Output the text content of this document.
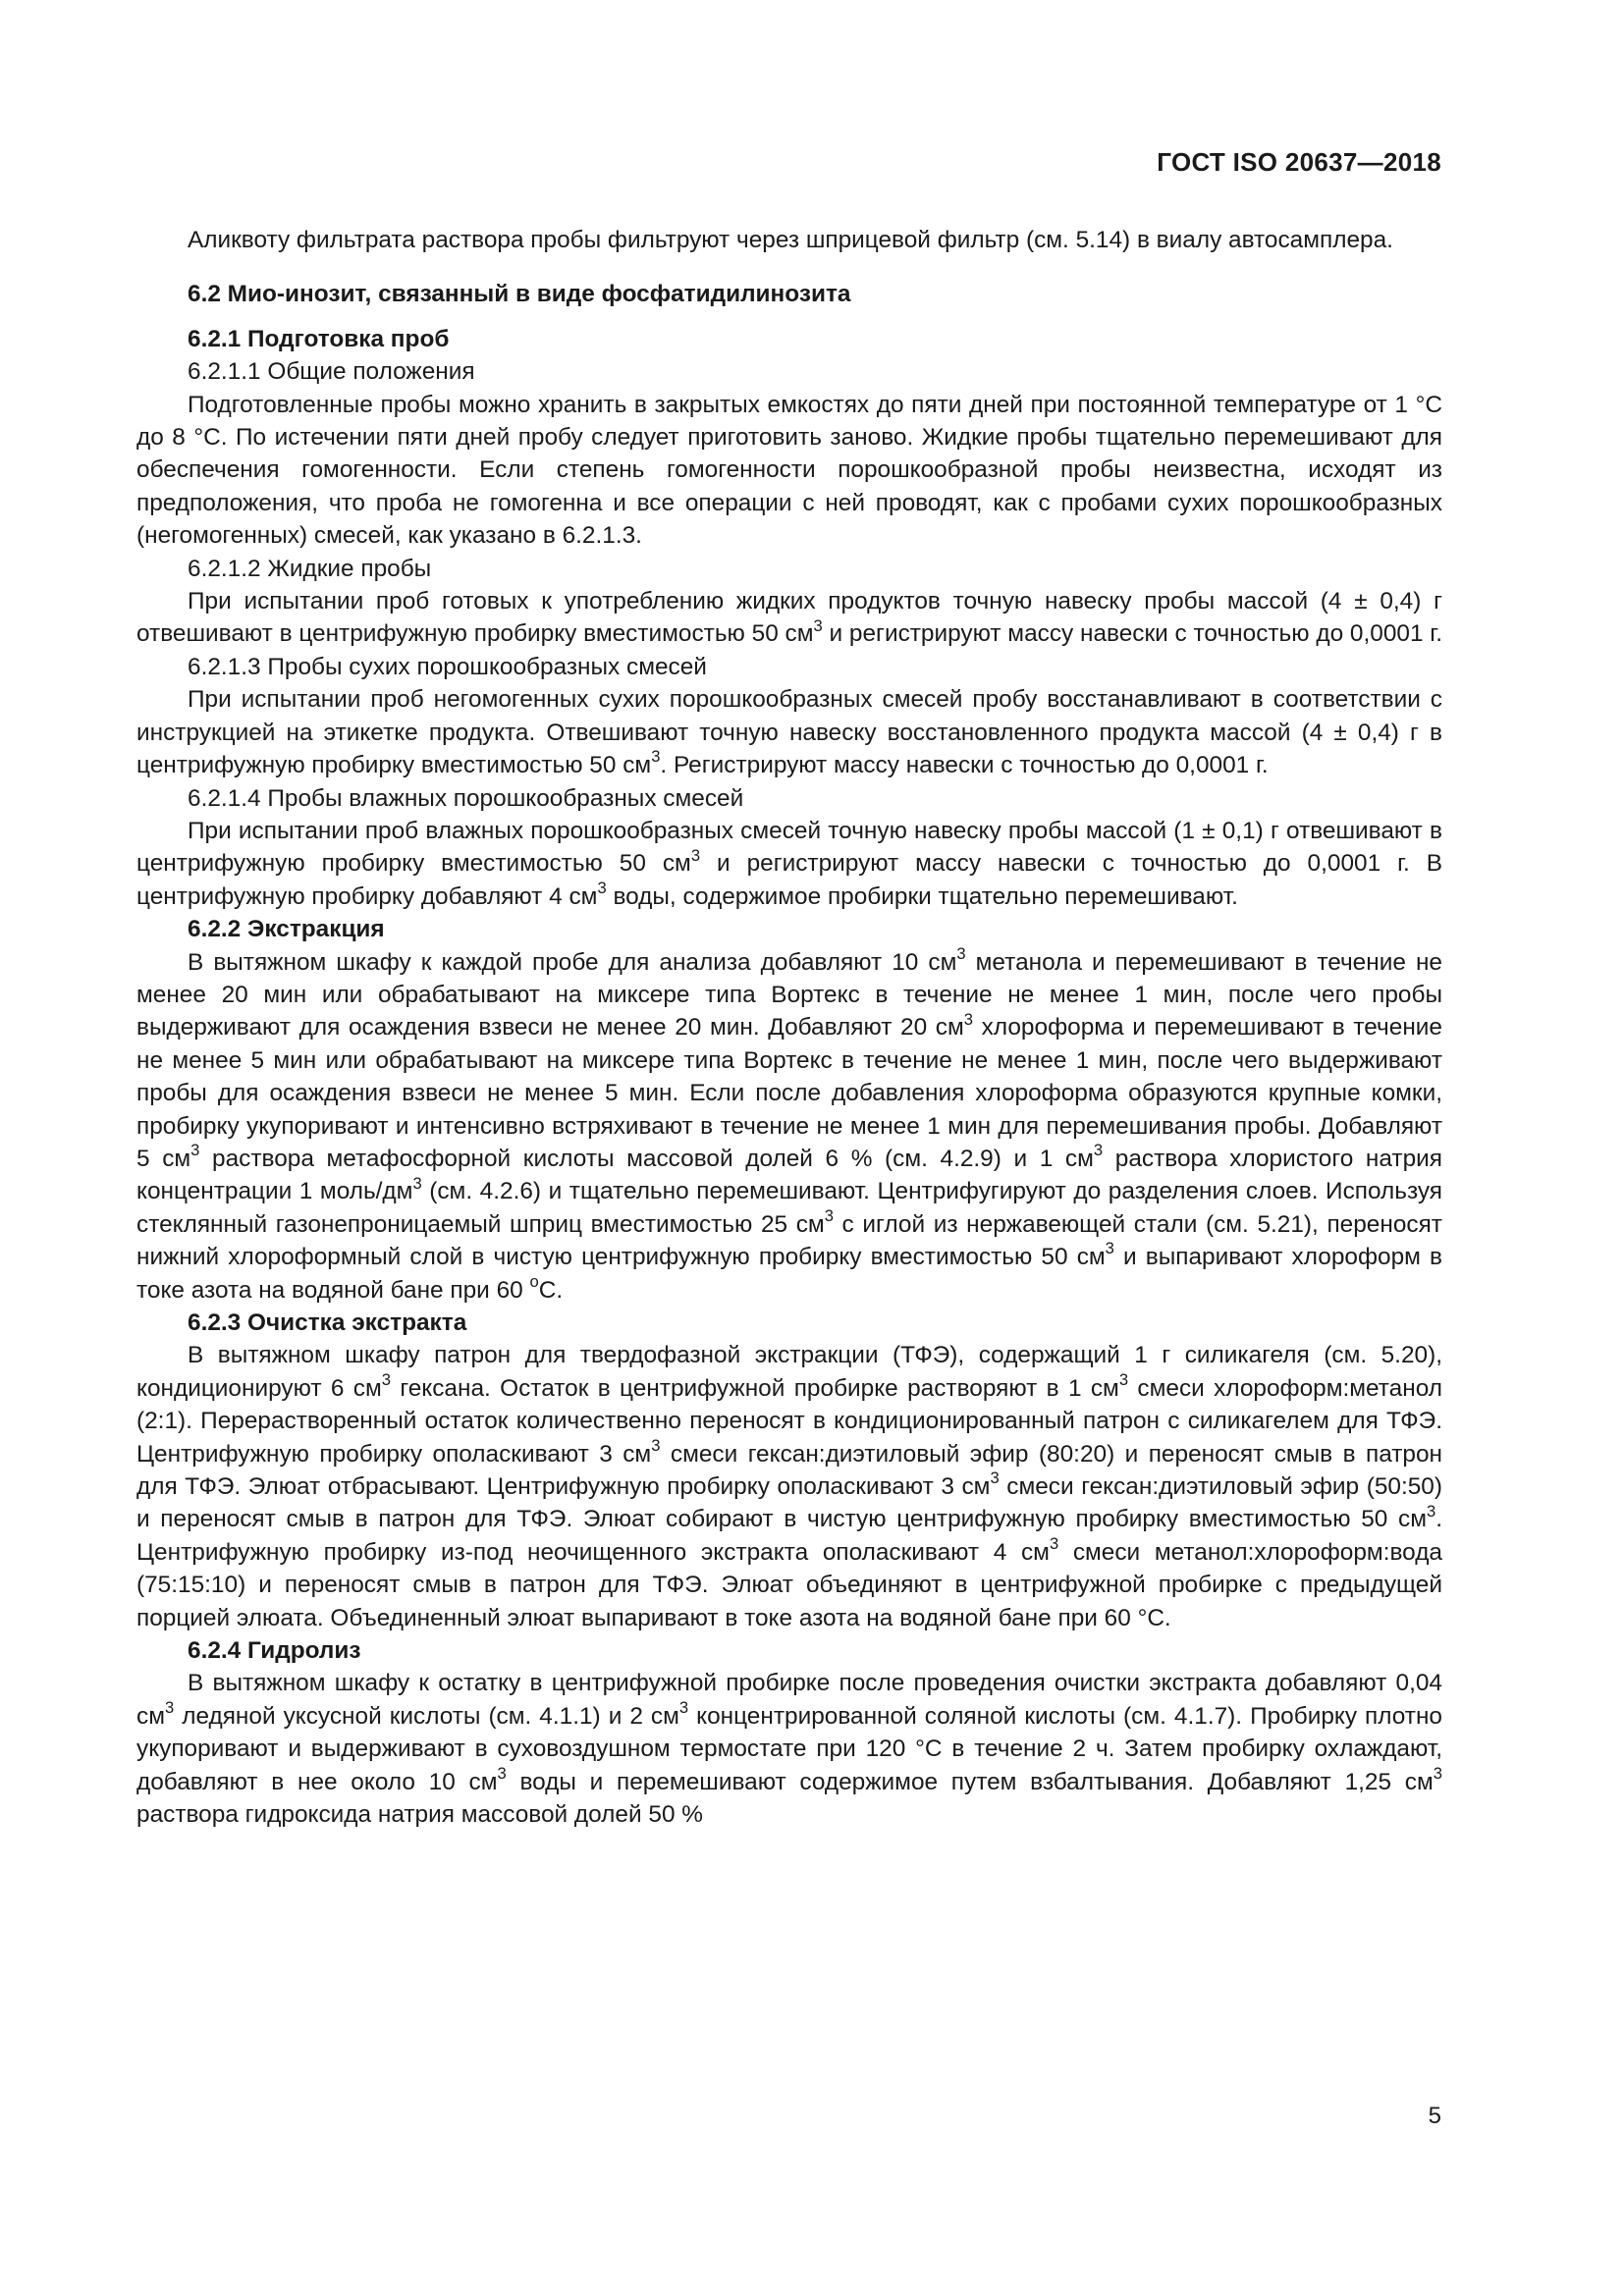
ГОСТ ISO 20637—2018

Аликвоту фильтрата раствора пробы фильтруют через шприцевой фильтр (см. 5.14) в виалу автосамплера.

6.2 Мио-инозит, связанный в виде фосфатидилинозита
6.2.1 Подготовка проб

6.2.1.1 Общие положения

Подготовленные пробы можно хранить в закрытых емкостях до пяти дней при постоянной температуре от 1 °С до 8 °С. По истечении пяти дней пробу следует приготовить заново. Жидкие пробы тщательно перемешивают для обеспечения гомогенности. Если степень гомогенности порошкообразной пробы неизвестна, исходят из предположения, что проба не гомогенна и все операции с ней проводят, как с пробами сухих порошкообразных (негомогенных) смесей, как указано в 6.2.1.3.

6.2.1.2 Жидкие пробы

При испытании проб готовых к употреблению жидких продуктов точную навеску пробы массой (4 ± 0,4) г отвешивают в центрифужную пробирку вместимостью 50 $см^3$ и регистрируют массу навески с точностью до 0,0001 г.

6.2.1.3 Пробы сухих порошкообразных смесей

При испытании проб негомогенных сухих порошкообразных смесей пробу восстанавливают в соответствии с инструкцией на этикетке продукта. Отвешивают точную навеску восстановленного продукта массой (4 ± 0,4) г в центрифужную пробирку вместимостью 50 $см^3$. Регистрируют массу навески с точностью до 0,0001 г.

6.2.1.4 Пробы влажных порошкообразных смесей

При испытании проб влажных порошкообразных смесей точную навеску пробы массой (1 ± 0,1) г отвешивают в центрифужную пробирку вместимостью 50 $см^3$ и регистрируют массу навески с точностью до 0,0001 г. В центрифужную пробирку добавляют 4 $см^3$ воды, содержимое пробирки тщательно перемешивают.

6.2.2 Экстракция

В вытяжном шкафу к каждой пробе для анализа добавляют 10 $см^3$ метанола и перемешивают в течение не менее 20 мин или обрабатывают на миксере типа Вортекс в течение не менее 1 мин, после чего пробы выдерживают для осаждения взвеси не менее 20 мин. Добавляют 20 $см^3$ хлороформа и перемешивают в течение не менее 5 мин или обрабатывают на миксере типа Вортекс в течение не менее 1 мин, после чего выдерживают пробы для осаждения взвеси не менее 5 мин. Если после добавления хлороформа образуются крупные комки, пробирку укупоривают и интенсивно встряхивают в течение не менее 1 мин для перемешивания пробы. Добавляют 5 $см^3$ раствора метафосфорной кислоты массовой долей 6 % (см. 4.2.9) и 1 $см^3$ раствора хлористого натрия концентрации 1 моль/$дм^3$ (см. 4.2.6) и тщательно перемешивают. Центрифугируют до разделения слоев. Используя стеклянный газонепроницаемый шприц вместимостью 25 $см^3$ с иглой из нержавеющей стали (см. 5.21), переносят нижний хлороформный слой в чистую центрифужную пробирку вместимостью 50 $см^3$ и выпаривают хлороформ в токе азота на водяной бане при 60 $^о$С.

6.2.3 Очистка экстракта

В вытяжном шкафу патрон для твердофазной экстракции (ТФЭ), содержащий 1 г силикагеля (см. 5.20), кондиционируют 6 $см^3$ гексана. Остаток в центрифужной пробирке растворяют в 1 $см^3$ смеси хлороформ:метанол (2:1). Перерастворенный остаток количественно переносят в кондиционированный патрон с силикагелем для ТФЭ. Центрифужную пробирку ополаскивают 3 $см^3$ смеси гексан:диэтиловый эфир (80:20) и переносят смыв в патрон для ТФЭ. Элюат отбрасывают. Центрифужную пробирку ополаскивают 3 $см^3$ смеси гексан:диэтиловый эфир (50:50) и переносят смыв в патрон для ТФЭ. Элюат собирают в чистую центрифужную пробирку вместимостью 50 $см^3$. Центрифужную пробирку из-под неочищенного экстракта ополаскивают 4 $см^3$ смеси метанол:хлороформ:вода (75:15:10) и переносят смыв в патрон для ТФЭ. Элюат объединяют в центрифужной пробирке с предыдущей порцией элюата. Объединенный элюат выпаривают в токе азота на водяной бане при 60 °С.

6.2.4 Гидролиз

В вытяжном шкафу к остатку в центрифужной пробирке после проведения очистки экстракта добавляют 0,04 $см^3$ ледяной уксусной кислоты (см. 4.1.1) и 2 $см^3$ концентрированной соляной кислоты (см. 4.1.7). Пробирку плотно укупоривают и выдерживают в суховоздушном термостате при 120 °С в течение 2 ч. Затем пробирку охлаждают, добавляют в нее около 10 $см^3$ воды и перемешивают содержимое путем взбалтывания. Добавляют 1,25 $см^3$ раствора гидроксида натрия массовой долей 50 %

5
